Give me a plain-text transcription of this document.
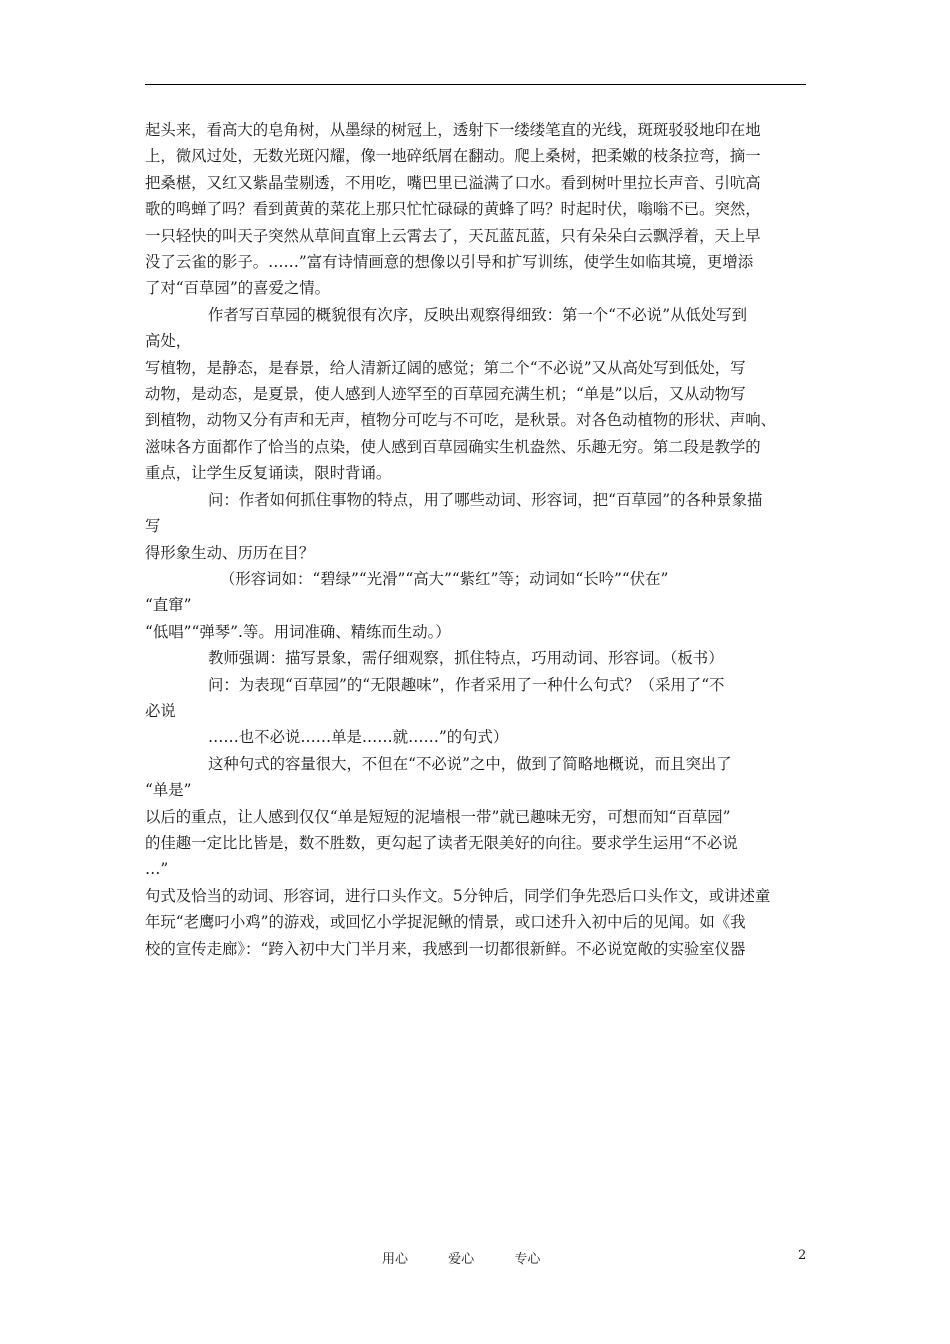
起头来，看高大的皂角树，从墨绿的树冠上，透射下一缕缕笔直的光线，斑斑驳驳地印在地
上，微风过处，无数光斑闪耀，像一地碎纸屑在翻动。爬上桑树，把柔嫩的枝条拉弯，摘一
把桑椹，又红又紫晶莹剔透，不用吃，嘴巴里已溢满了口水。看到树叶里拉长声音、引吭高
歌的鸣蝉了吗？看到黄黄的菜花上那只忙忙碌碌的黄蜂了吗？时起时伏，嗡嗡不已。突然，
一只轻快的叫天子突然从草间直窜上云霄去了，天瓦蓝瓦蓝，只有朵朵白云飘浮着，天上早
没了云雀的影子。……”富有诗情画意的想像以引导和扩写训练，使学生如临其境，更增添
了对“百草园”的喜爱之情。
作者写百草园的概貌很有次序，反映出观察得细致：第一个“不必说”从低处写到
高处，
写植物，是静态，是春景，给人清新辽阔的感觉；第二个“不必说”又从高处写到低处，写
动物，是动态，是夏景，使人感到人迹罕至的百草园充满生机；“单是”以后，又从动物写
到植物，动物又分有声和无声，植物分可吃与不可吃，是秋景。对各色动植物的形状、声响、
滋味各方面都作了恰当的点染，使人感到百草园确实生机盎然、乐趣无穷。第二段是教学的
重点，让学生反复诵读，限时背诵。
问：作者如何抓住事物的特点，用了哪些动词、形容词，把“百草园”的各种景象描
写
得形象生动、历历在目？
（形容词如：“碧绿”“光滑”“高大”“紫红”等；动词如“长吟”“伏在”
“直窜”
“低唱”“弹琴”.等。用词准确、精练而生动。）
教师强调：描写景象，需仔细观察，抓住特点，巧用动词、形容词。（板书）
问：为表现“百草园”的“无限趣味”，作者采用了一种什么句式？（采用了“不
必说
……也不必说……单是……就……”的句式）
这种句式的容量很大，不但在“不必说”之中，做到了简略地概说，而且突出了
“单是”
以后的重点，让人感到仅仅“单是短短的泥墙根一带”就已趣味无穷，可想而知“百草园”
的佳趣一定比比皆是，数不胜数，更勾起了读者无限美好的向往。要求学生运用“不必说
…”
句式及恰当的动词、形容词，进行口头作文。5分钟后，同学们争先恐后口头作文，或讲述童
年玩“老鹰叼小鸡”的游戏，或回忆小学捉泥鳅的情景，或口述升入初中后的见闻。如《我
校的宣传走廊》：“跨入初中大门半月来，我感到一切都很新鲜。不必说宽敞的实验室仪器
用心	爱心	专心	2
